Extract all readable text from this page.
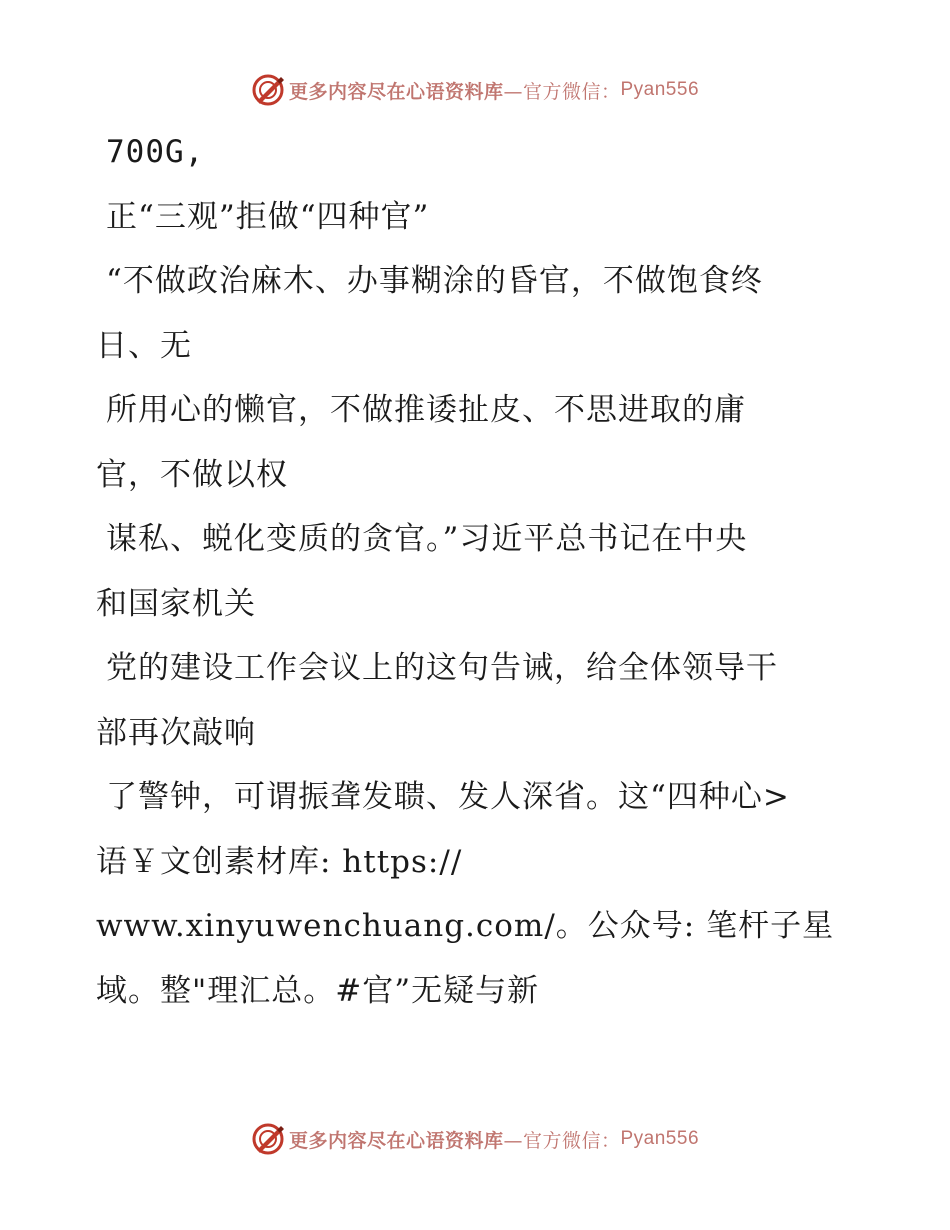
更多内容尽在心语资料库 —官方微信： Pyan556
700G,
正“三观”拒做“四种官”
“不做政治麻木、办事糊涂的昏官，不做饱食终
日、无
所用心的懒官，不做推诿扯皮、不思进取的庸
官，不做以权
谋私、蜕化变质的贪官。”习近平总书记在中央
和国家机关
党的建设工作会议上的这句告诫，给全体领导干
部再次敲响
了警钟，可谓振聋发聩、发人深省。这“四种心>
语￥文创素材库: https://
www.xinyuwenchuang.com/。公众号: 笔杆子星
域。整"理汇总。#官”无疑与新
更多内容尽在心语资料库 —官方微信： Pyan556
